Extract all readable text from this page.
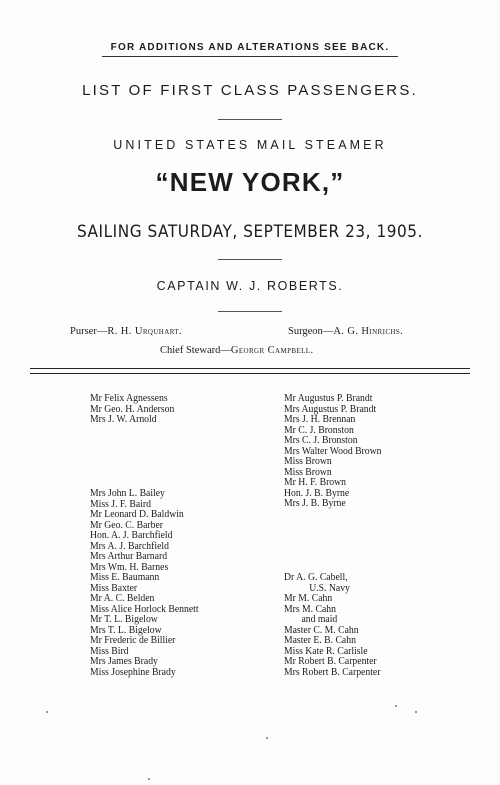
FOR ADDITIONS AND ALTERATIONS SEE BACK.
LIST OF FIRST CLASS PASSENGERS.
UNITED STATES MAIL STEAMER
“NEW YORK,”
SAILING SATURDAY, SEPTEMBER 23, 1905.
CAPTAIN W. J. ROBERTS.
Purser—R. H. Urquhart.	Surgeon—A. G. Hinrichs.
Chief Steward—Georgr Campbell.
Mr Felix Agnessens
Mr Geo. H. Anderson
Mrs J. W. Arnold
Mrs John L. Bailey
Miss J. F. Baird
Mr Leonard D. Baldwin
Mr Geo. C. Barber
Hon. A. J. Barchfield
Mrs A. J. Barchfield
Mrs Arthur Barnard
Mrs Wm. H. Barnes
Miss E. Baumann
Miss Baxter
Mr A. C. Belden
Miss Alice Horlock Bennett
Mr T. L. Bigelow
Mrs T. L. Bigelow
Mr Frederic de Billier
Miss Bird
Mrs James Brady
Miss Josephine Brady
Mr Augustus P. Brandt
Mrs Augustus P. Brandt
Mrs J. H. Brennan
Mr C. J. Bronston
Mrs C. J. Bronston
Mrs Walter Wood Brown
Miss Brown
Miss Brown
Mr H. F. Brown
Hon. J. B. Byrne
Mrs J. B. Byrne
Dr A. G. Cabell,
U.S. Navy
Mr M. Cahn
Mrs M. Cahn
and maid
Master C. M. Cahn
Master E. B. Cahn
Miss Kate R. Carlisle
Mr Robert B. Carpenter
Mrs Robert B. Carpenter
